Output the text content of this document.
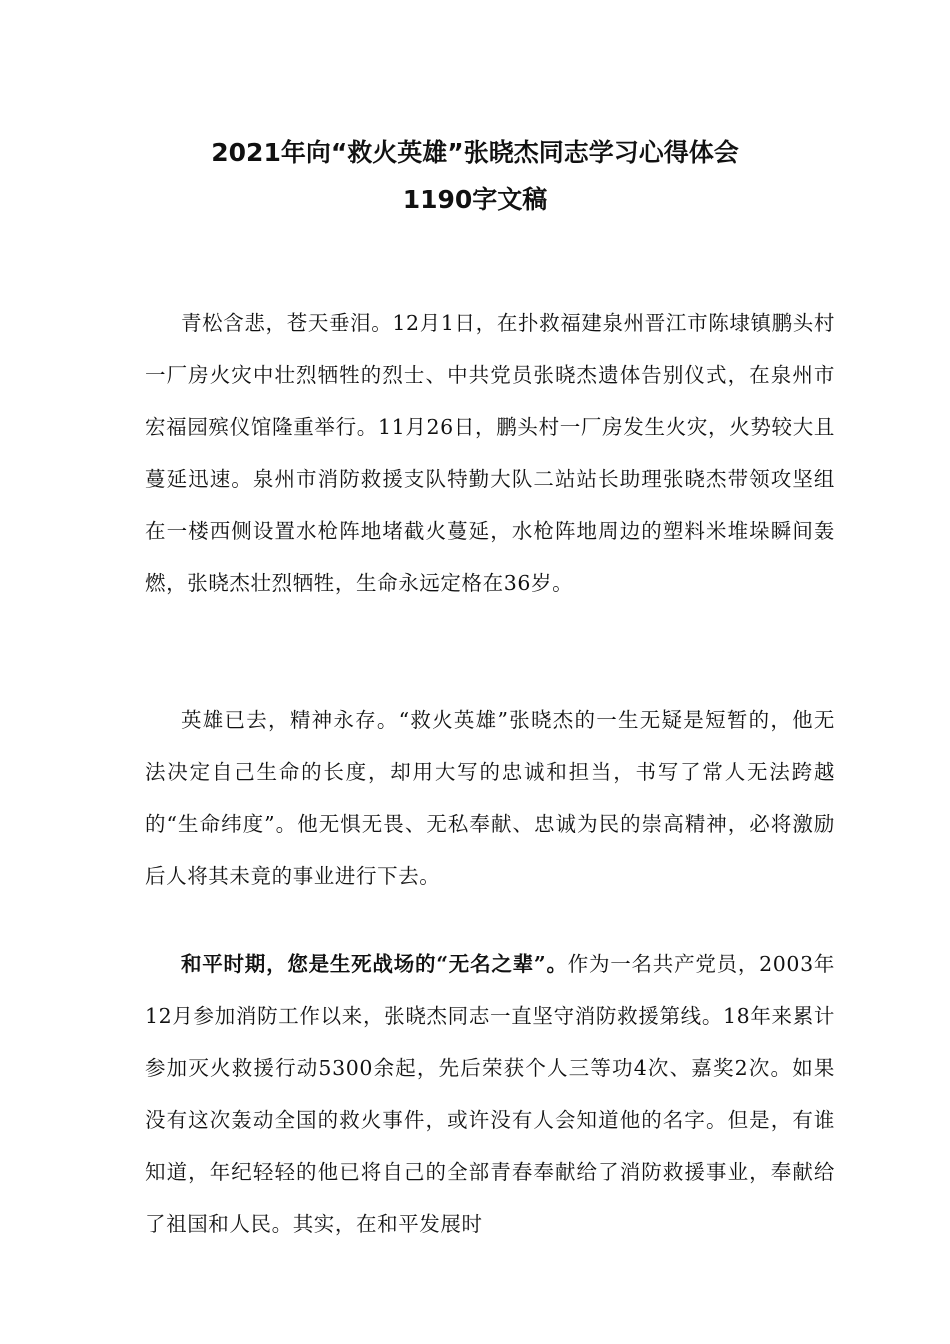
2021年向“救火英雄”张晓杰同志学习心得体会
1190字文稿

青松含悲，苍天垂泪。12月1日，在扑救福建泉州晋江市陈埭镇鹏头村一厂房火灾中壮烈牺牲的烈士、中共党员张晓杰遗体告别仪式，在泉州市宏福园殡仪馆隆重举行。11月26日，鹏头村一厂房发生火灾，火势较大且蔓延迅速。泉州市消防救援支队特勤大队二站站长助理张晓杰带领攻坚组在一楼西侧设置水枪阵地堵截火蔓延，水枪阵地周边的塑料米堆垛瞬间轰燃，张晓杰壮烈牺牲，生命永远定格在36岁。

英雄已去，精神永存。“救火英雄”张晓杰的一生无疑是短暂的，他无法决定自己生命的长度，却用大写的忠诚和担当，书写了常人无法跨越的“生命纬度”。他无惧无畏、无私奉献、忠诚为民的崇高精神，必将激励后人将其未竟的事业进行下去。

和平时期，您是生死战场的“无名之辈”。作为一名共产党员，2003年12月参加消防工作以来，张晓杰同志一直坚守消防救援第线。18年来累计参加灭火救援行动5300余起，先后荣获个人三等功4次、嘉奖2次。如果没有这次轰动全国的救火事件，或许没有人会知道他的名字。但是，有谁知道，年纪轻轻的他已将自己的全部青春奉献给了消防救援事业，奉献给了祖国和人民。其实，在和平发展时
